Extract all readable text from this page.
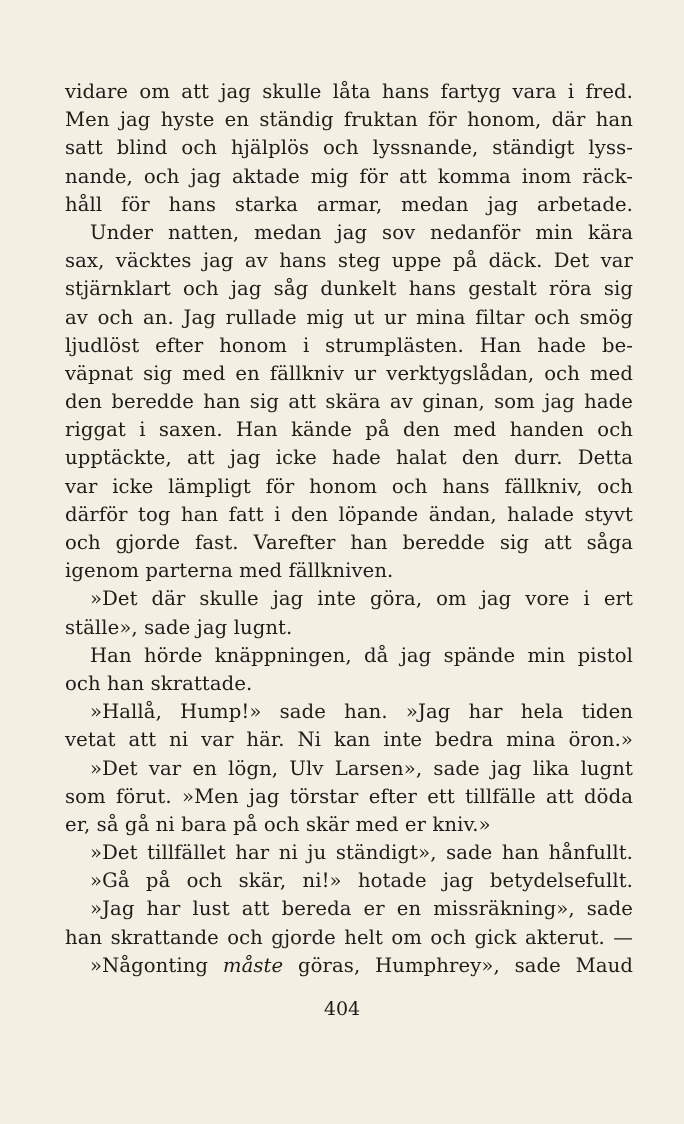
vidare om att jag skulle låta hans fartyg vara i fred.
Men jag hyste en ständig fruktan för honom, där han
satt blind och hjälplös och lyssnande, ständigt lyss-
nande, och jag aktade mig för att komma inom räck-
håll för hans starka armar, medan jag arbetade.
Under natten, medan jag sov nedanför min kära
sax, väcktes jag av hans steg uppe på däck. Det var
stjärnklart och jag såg dunkelt hans gestalt röra sig
av och an. Jag rullade mig ut ur mina filtar och smög
ljudlöst efter honom i strumplästen. Han hade be-
väpnat sig med en fällkniv ur verktygslådan, och med
den beredde han sig att skära av ginan, som jag hade
riggat i saxen. Han kände på den med handen och
upptäckte, att jag icke hade halat den durr. Detta
var icke lämpligt för honom och hans fällkniv, och
därför tog han fatt i den löpande ändan, halade styvt
och gjorde fast. Varefter han beredde sig att såga
igenom parterna med fällkniven.
»Det där skulle jag inte göra, om jag vore i ert
ställe», sade jag lugnt.
Han hörde knäppningen, då jag spände min pistol
och han skrattade.
»Hallå, Hump!» sade han. »Jag har hela tiden
vetat att ni var här. Ni kan inte bedra mina öron.»
»Det var en lögn, Ulv Larsen», sade jag lika lugnt
som förut. »Men jag törstar efter ett tillfälle att döda
er, så gå ni bara på och skär med er kniv.»
»Det tillfället har ni ju ständigt», sade han hånfullt.
»Gå på och skär, ni!» hotade jag betydelsefullt.
»Jag har lust att bereda er en missräkning», sade
han skrattande och gjorde helt om och gick akterut. —
»Någonting måste göras, Humphrey», sade Maud
404
